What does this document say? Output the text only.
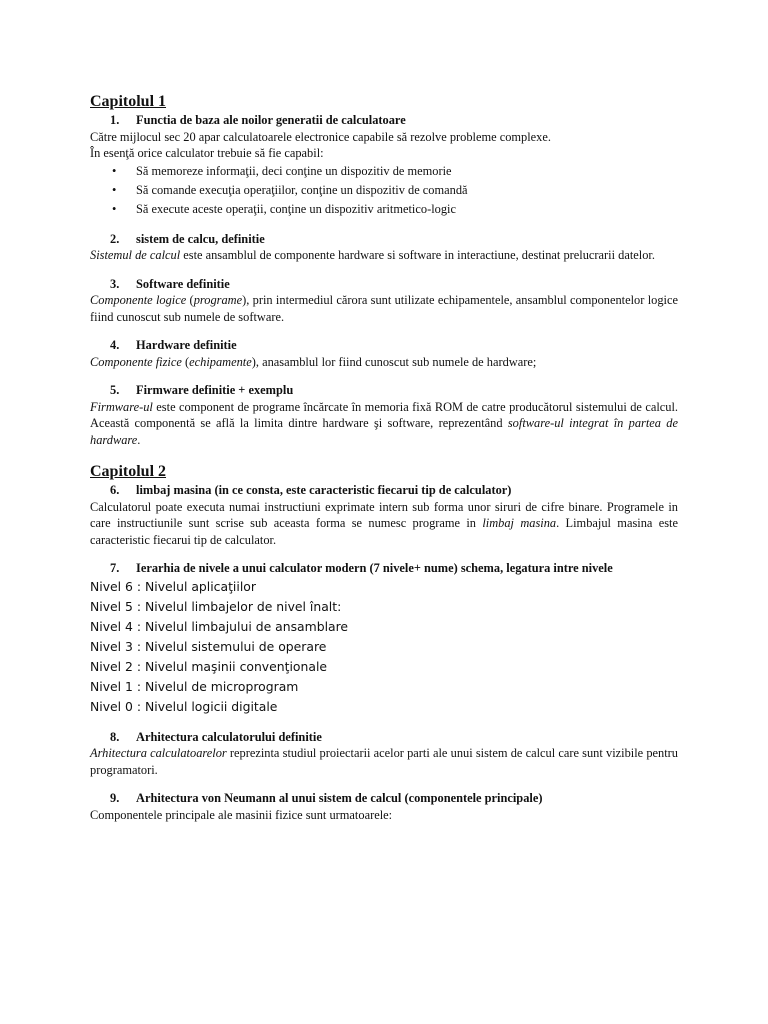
Capitolul 1

1. Functia de baza ale noilor generatii de calculatoare

Către mijlocul sec 20 apar calculatoarele electronice capabile să rezolve probleme complexe.

În esenţă orice calculator trebuie să fie capabil:

• Să memoreze informaţii, deci conţine un dispozitiv de memorie
• Să comande execuţia operaţiilor, conţine un dispozitiv de comandă
• Să execute aceste operaţii, conţine un dispozitiv aritmetico-logic

2. sistem de calcu, definitie

Sistemul de calcul este ansamblul de componente hardware si software in interactiune, destinat prelucrarii datelor.

3. Software definitie

Componente logice (programe), prin intermediul cărora sunt utilizate echipamentele, ansamblul componentelor logice fiind cunoscut sub numele de software.

4. Hardware definitie

Componente fizice (echipamente), anasamblul lor fiind cunoscut sub numele de hardware;

5. Firmware definitie + exemplu

Firmware-ul este component de programe încărcate în memoria fixă ROM de catre producătorul sistemului de calcul. Această componentă se află la limita dintre hardware şi software, reprezentând software-ul integrat în partea de hardware.

Capitolul 2

6. limbaj masina (in ce consta, este caracteristic fiecarui tip de calculator)

Calculatorul poate executa numai instructiuni exprimate intern sub forma unor siruri de cifre binare. Programele in care instructiunile sunt scrise sub aceasta forma se numesc programe in limbaj masina. Limbajul masina este caracteristic fiecarui tip de calculator.

7. Ierarhia de nivele a unui calculator modern (7 nivele+ nume) schema, legatura intre nivele

Nivel 6 : Nivelul aplicaţiilor
Nivel 5 : Nivelul limbajelor de nivel înalt:
Nivel 4 : Nivelul limbajului de ansamblare
Nivel 3 : Nivelul sistemului de operare
Nivel 2 : Nivelul maşinii convenţionale
Nivel 1 : Nivelul de microprogram
Nivel 0 : Nivelul logicii digitale

8. Arhitectura calculatorului definitie

Arhitectura calculatoarelor reprezinta studiul proiectarii acelor parti ale unui sistem de calcul care sunt vizibile pentru programatori.

9. Arhitectura von Neumann al unui sistem de calcul (componentele principale)

Componentele principale ale masinii fizice sunt urmatoarele:
